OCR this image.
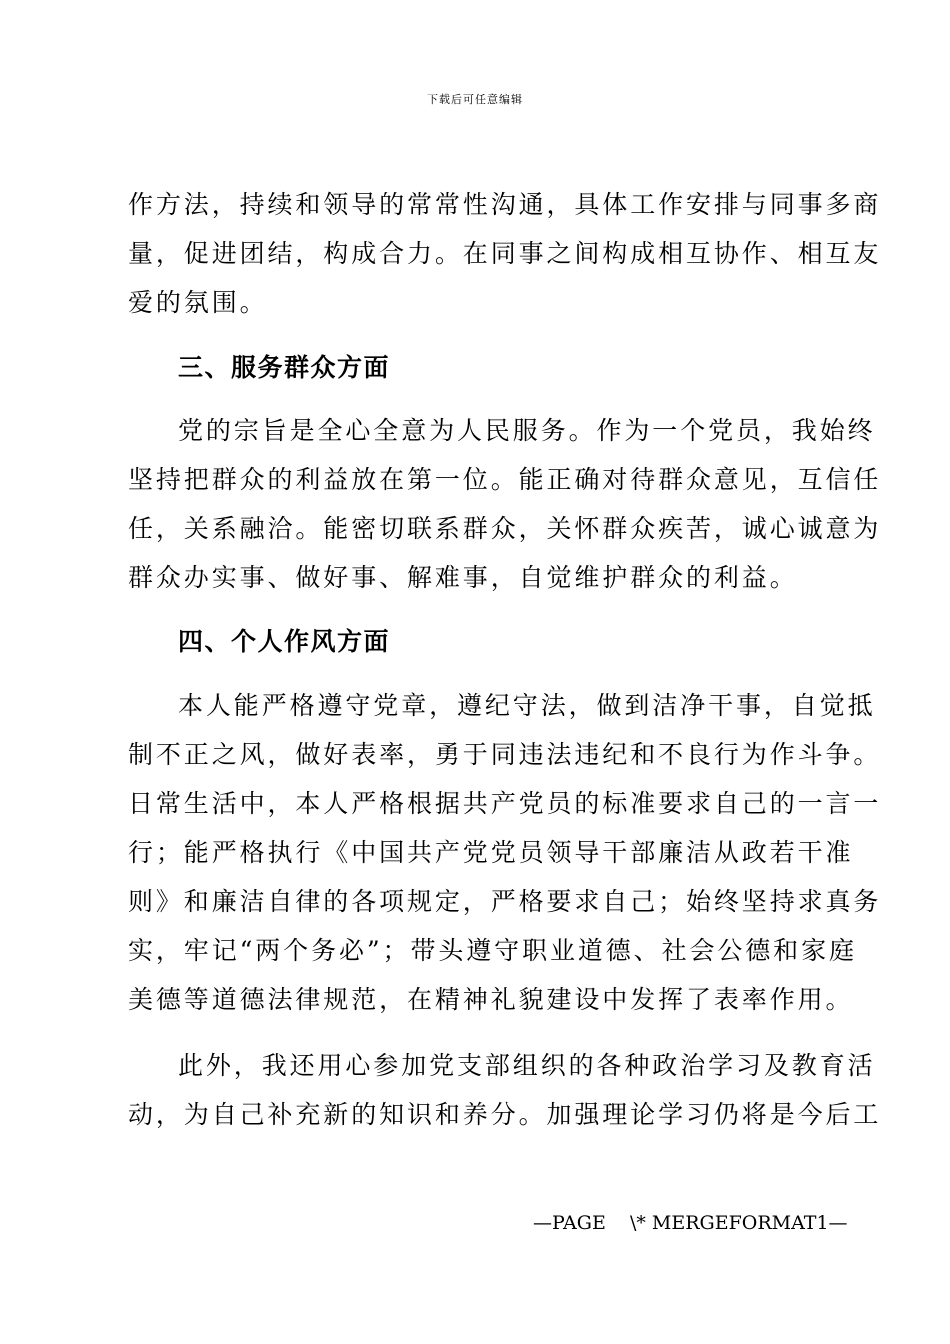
下载后可任意编辑
作方法，持续和领导的常常性沟通，具体工作安排与同事多商
量，促进团结，构成合力。在同事之间构成相互协作、相互友
爱的氛围。
三、服务群众方面
党的宗旨是全心全意为人民服务。作为一个党员，我始终
坚持把群众的利益放在第一位。能正确对待群众意见，互信任
任，关系融洽。能密切联系群众，关怀群众疾苦，诚心诚意为
群众办实事、做好事、解难事，自觉维护群众的利益。
四、个人作风方面
本人能严格遵守党章，遵纪守法，做到洁净干事，自觉抵
制不正之风，做好表率，勇于同违法违纪和不良行为作斗争。
日常生活中，本人严格根据共产党员的标准要求自己的一言一
行；能严格执行《中国共产党党员领导干部廉洁从政若干准
则》和廉洁自律的各项规定，严格要求自己；始终坚持求真务
实，牢记“两个务必”；带头遵守职业道德、社会公德和家庭
美德等道德法律规范，在精神礼貌建设中发挥了表率作用。
此外，我还用心参加党支部组织的各种政治学习及教育活
动，为自己补充新的知识和养分。加强理论学习仍将是今后工
—PAGE    \* MERGEFORMAT1—
